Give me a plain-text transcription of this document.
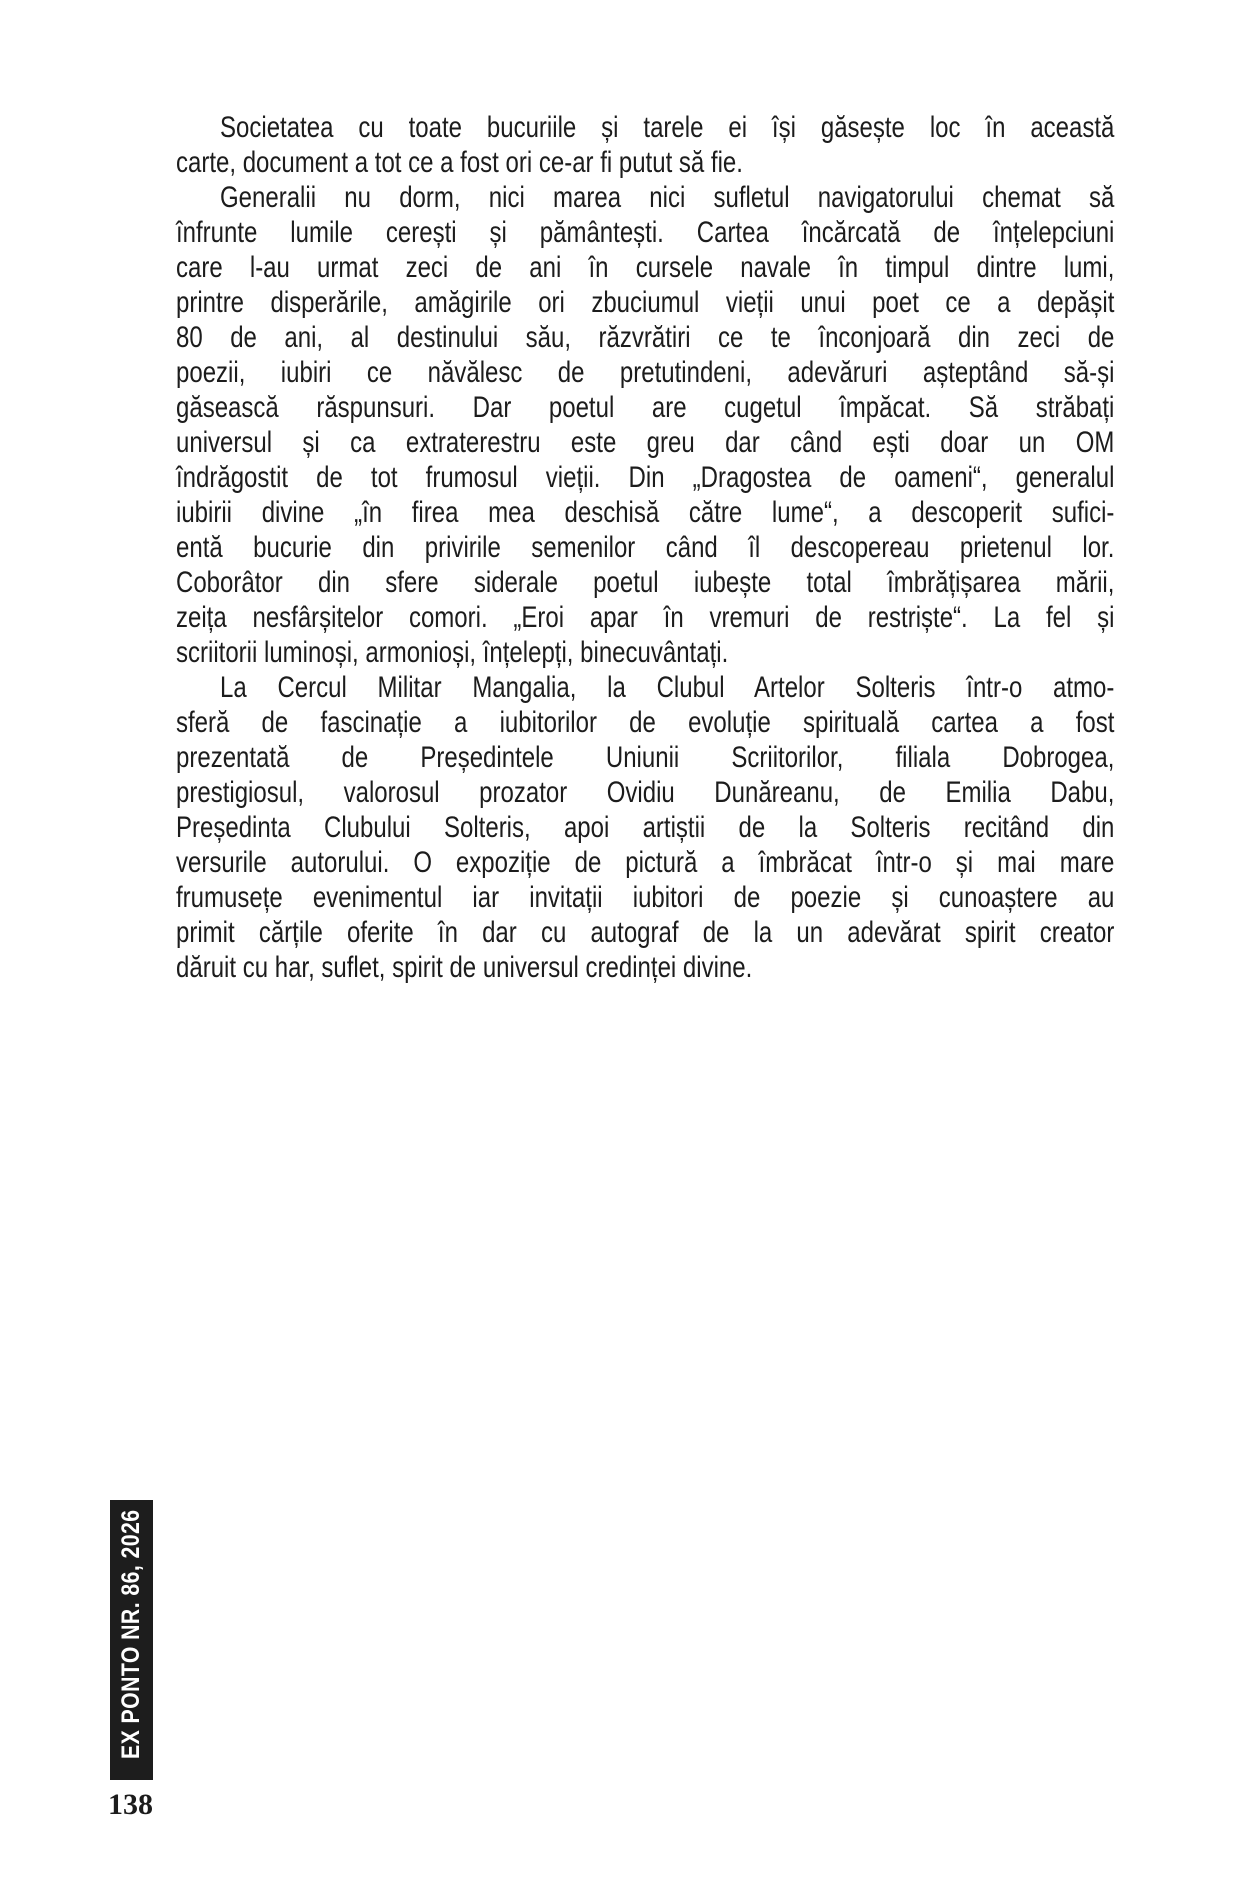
Societatea cu toate bucuriile și tarele ei își găsește loc în această
carte, document a tot ce a fost ori ce-ar fi putut să fie.
Generalii nu dorm, nici marea nici sufletul navigatorului chemat să
înfrunte lumile cerești și pământești. Cartea încărcată de înțelepciuni
care l-au urmat zeci de ani în cursele navale în timpul dintre lumi,
printre disperările, amăgirile ori zbuciumul vieții unui poet ce a depășit
80 de ani, al destinului său, răzvrătiri ce te înconjoară din zeci de
poezii, iubiri ce năvălesc de pretutindeni, adevăruri așteptând să-și
găsească răspunsuri. Dar poetul are cugetul împăcat. Să străbați
universul și ca extraterestru este greu dar când ești doar un OM
îndrăgostit de tot frumosul vieții. Din „Dragostea de oameni“, generalul
iubirii divine „în firea mea deschisă către lume“, a descoperit sufici-
entă bucurie din privirile semenilor când îl descopereau prietenul lor.
Coborâtor din sfere siderale poetul iubește total îmbrățișarea mării,
zeița nesfârșitelor comori. „Eroi apar în vremuri de restriște“. La fel și
scriitorii luminoși, armonioși, înțelepți, binecuvântați.
La Cercul Militar Mangalia, la Clubul Artelor Solteris într-o atmo-
sferă de fascinație a iubitorilor de evoluție spirituală cartea a fost
prezentată de Președintele Uniunii Scriitorilor, filiala Dobrogea,
prestigiosul, valorosul prozator Ovidiu Dunăreanu, de Emilia Dabu,
Președinta Clubului Solteris, apoi artiștii de la Solteris recitând din
versurile autorului. O expoziție de pictură a îmbrăcat într-o și mai mare
frumusețe evenimentul iar invitații iubitori de poezie și cunoaștere au
primit cărțile oferite în dar cu autograf de la un adevărat spirit creator
dăruit cu har, suflet, spirit de universul credinței divine.
EX PONTO NR. 86, 2026
138
